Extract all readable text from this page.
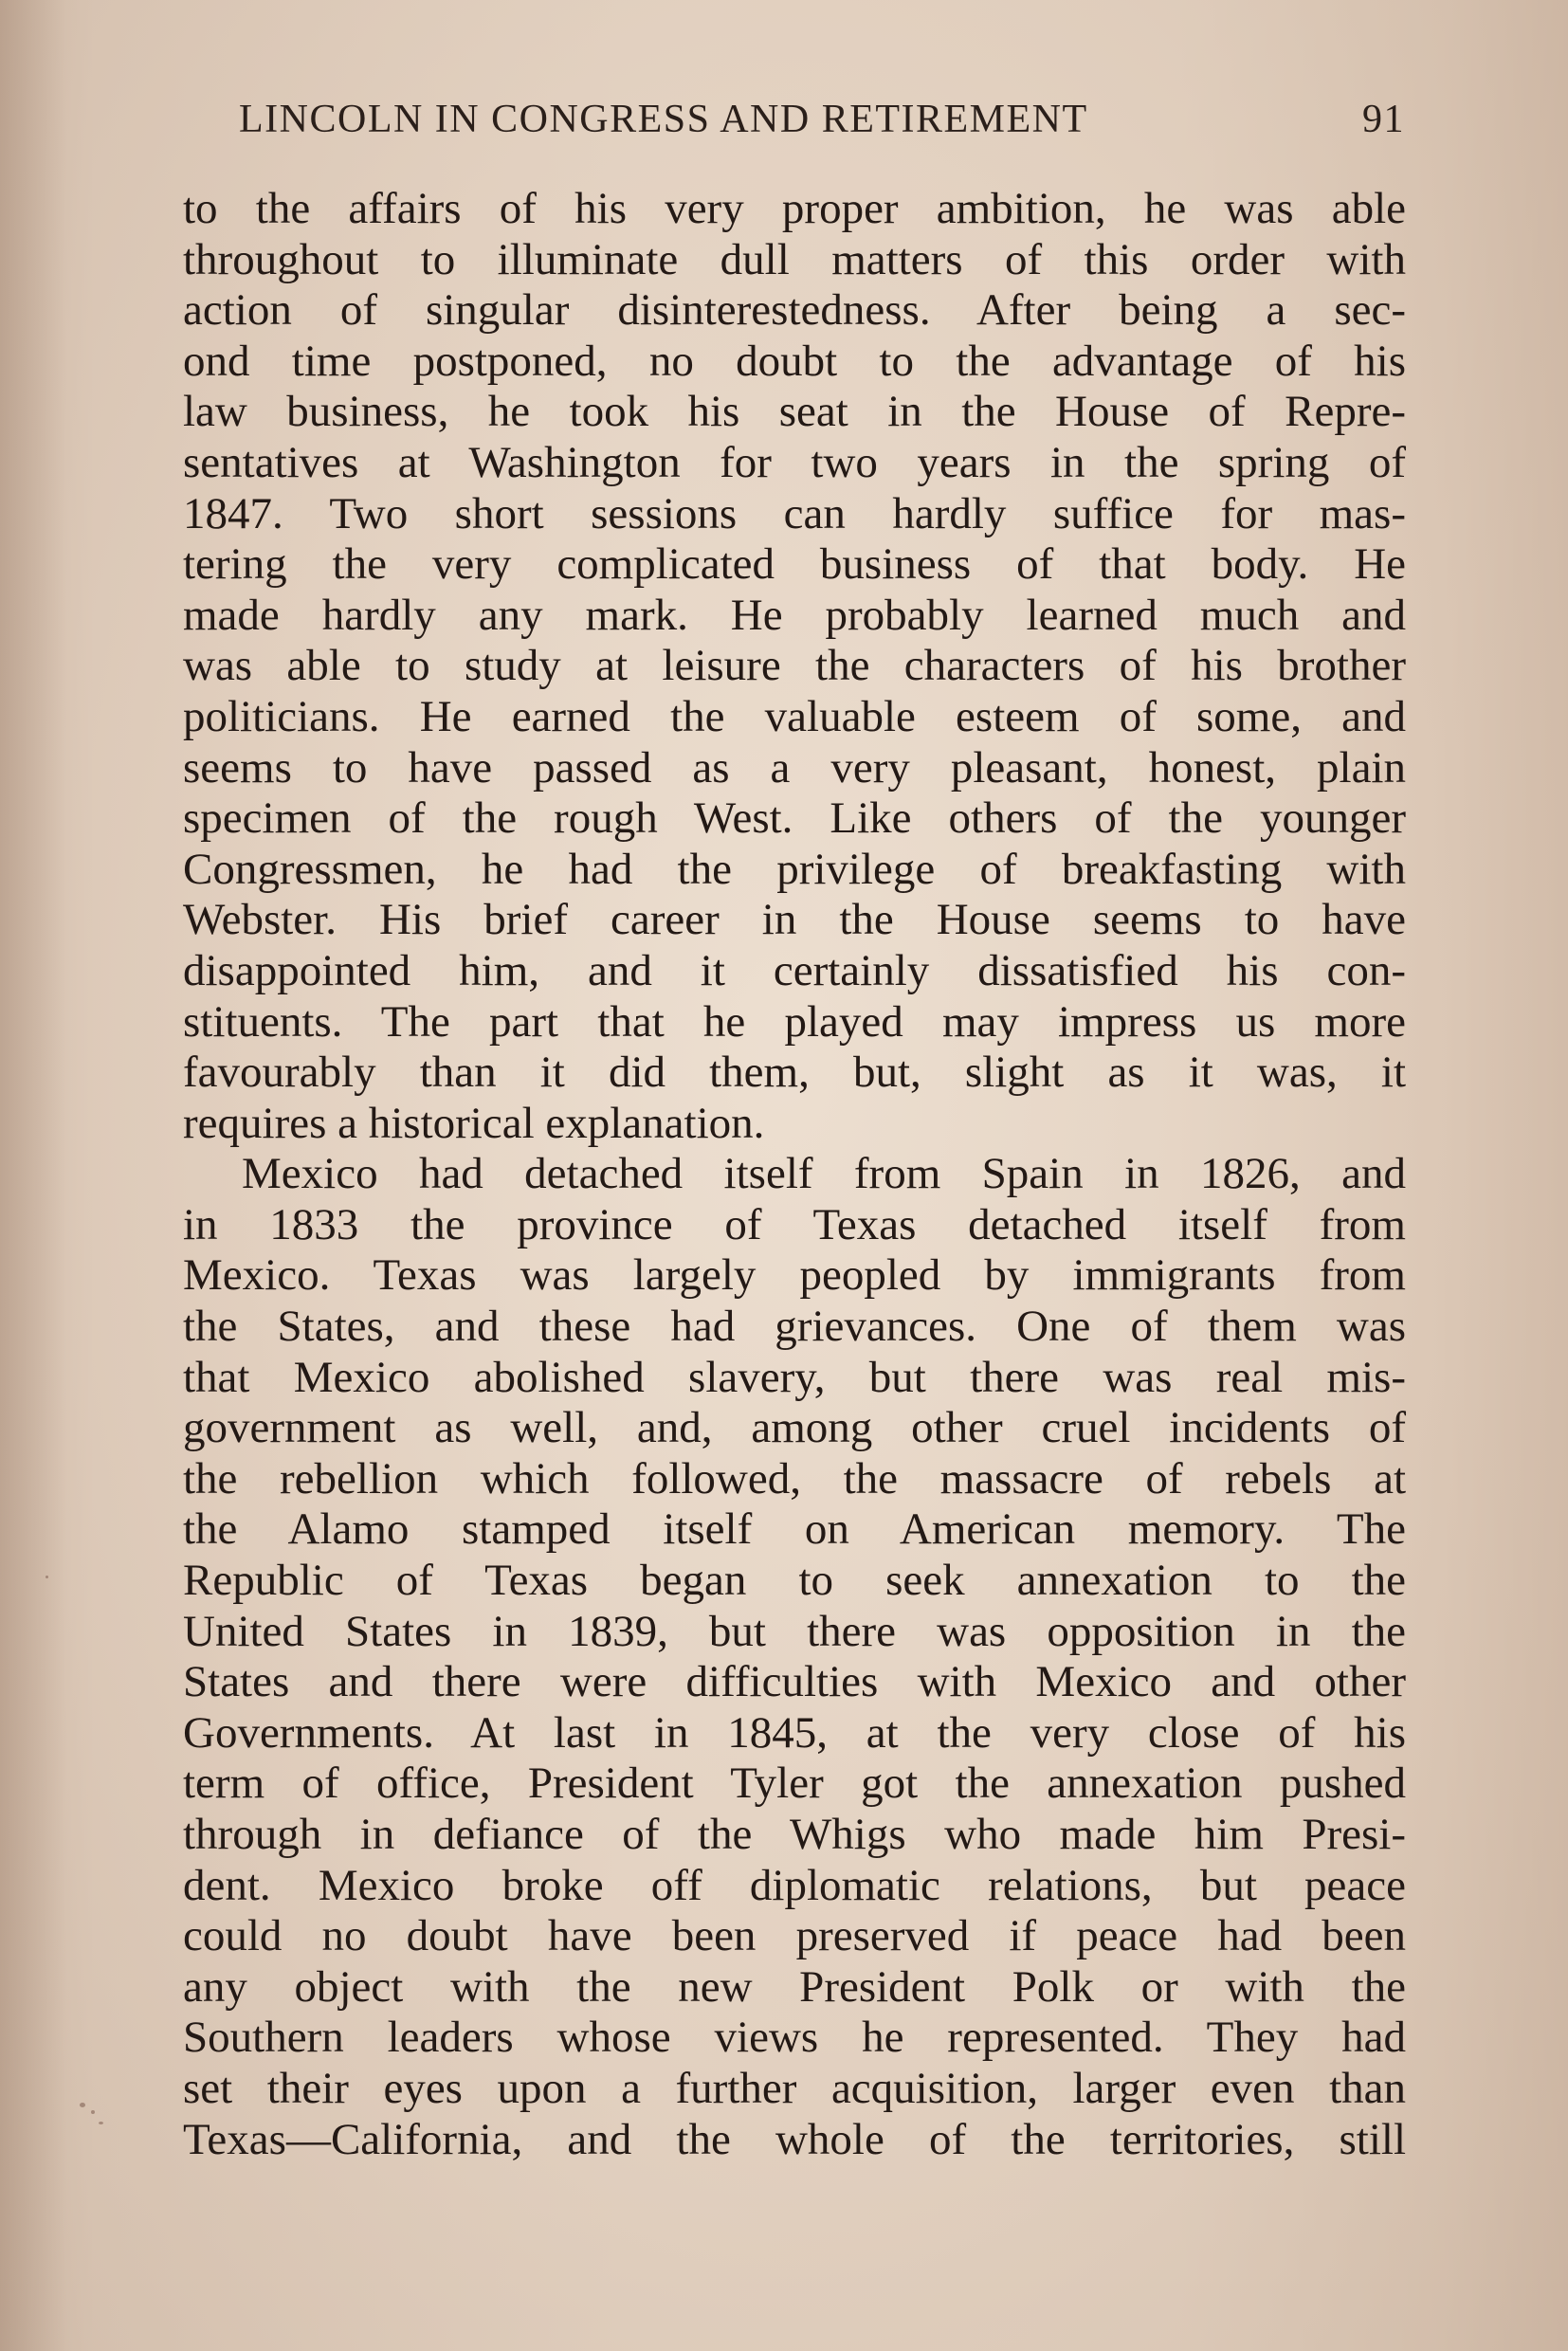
LINCOLN IN CONGRESS AND RETIREMENT	91
to the affairs of his very proper ambition, he was able
throughout to illuminate dull matters of this order with
action of singular disinterestedness. After being a sec-
ond time postponed, no doubt to the advantage of his
law business, he took his seat in the House of Repre-
sentatives at Washington for two years in the spring of
1847. Two short sessions can hardly suffice for mas-
tering the very complicated business of that body. He
made hardly any mark. He probably learned much and
was able to study at leisure the characters of his brother
politicians. He earned the valuable esteem of some, and
seems to have passed as a very pleasant, honest, plain
specimen of the rough West. Like others of the younger
Congressmen, he had the privilege of breakfasting with
Webster. His brief career in the House seems to have
disappointed him, and it certainly dissatisfied his con-
stituents. The part that he played may impress us more
favourably than it did them, but, slight as it was, it
requires a historical explanation.
Mexico had detached itself from Spain in 1826, and
in 1833 the province of Texas detached itself from
Mexico. Texas was largely peopled by immigrants from
the States, and these had grievances. One of them was
that Mexico abolished slavery, but there was real mis-
government as well, and, among other cruel incidents of
the rebellion which followed, the massacre of rebels at
the Alamo stamped itself on American memory. The
Republic of Texas began to seek annexation to the
United States in 1839, but there was opposition in the
States and there were difficulties with Mexico and other
Governments. At last in 1845, at the very close of his
term of office, President Tyler got the annexation pushed
through in defiance of the Whigs who made him Presi-
dent. Mexico broke off diplomatic relations, but peace
could no doubt have been preserved if peace had been
any object with the new President Polk or with the
Southern leaders whose views he represented. They had
set their eyes upon a further acquisition, larger even than
Texas—California, and the whole of the territories, still
